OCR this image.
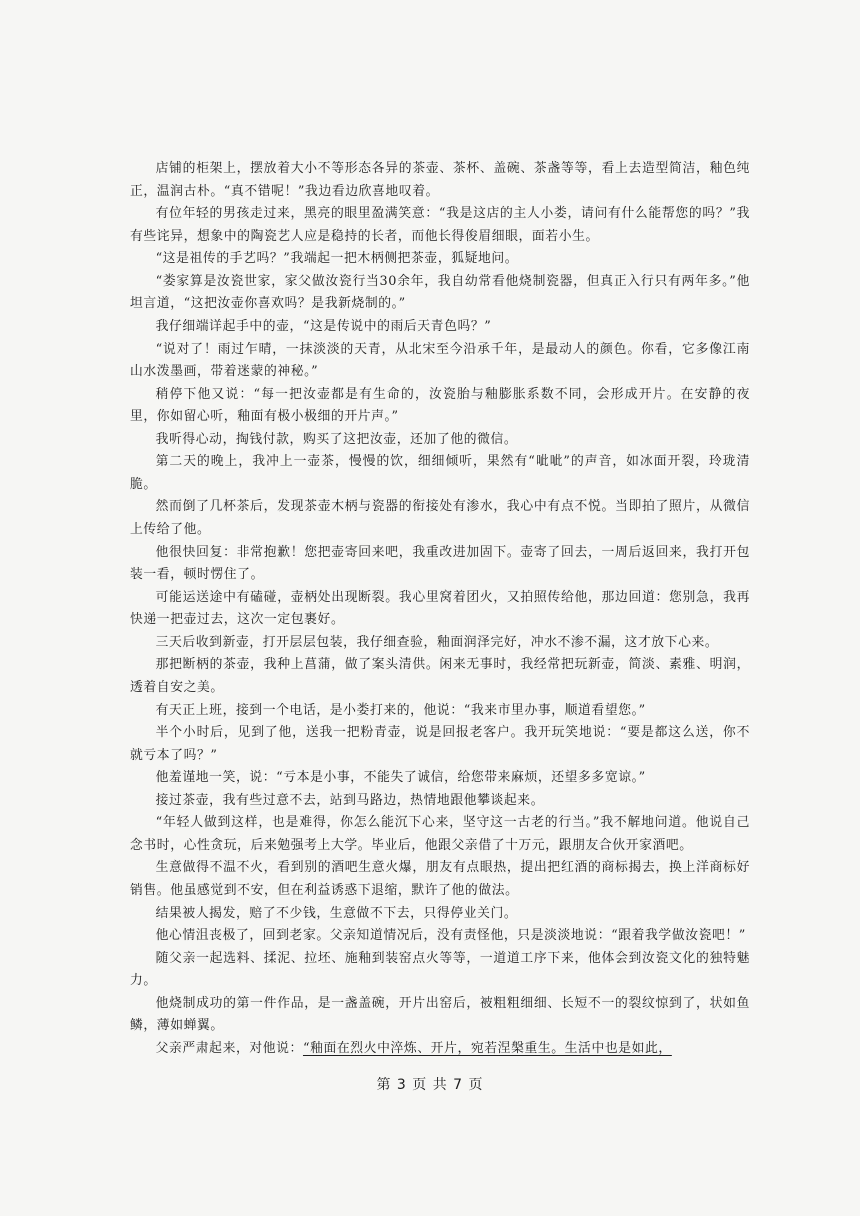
店铺的柜架上，摆放着大小不等形态各异的茶壶、茶杯、盖碗、茶盏等等，看上去造型简洁，釉色纯正，温润古朴。“真不错呢！”我边看边欣喜地叹着。

有位年轻的男孩走过来，黑亮的眼里盈满笑意：“我是这店的主人小娄，请问有什么能帮您的吗？”我有些诧异，想象中的陶瓷艺人应是稳持的长者，而他长得俊眉细眼，面若小生。

“这是祖传的手艺吗？”我端起一把木柄侧把茶壶，狐疑地问。

“娄家算是汝瓷世家，家父做汝瓷行当30余年，我自幼常看他烧制瓷器，但真正入行只有两年多。”他坦言道，“这把汝壶你喜欢吗？是我新烧制的。”

我仔细端详起手中的壶，“这是传说中的雨后天青色吗？”

“说对了！雨过乍晴，一抹淡淡的天青，从北宋至今沿承千年，是最动人的颜色。你看，它多像江南山水泼墨画，带着迷蒙的神秘。”

稍停下他又说：“每一把汝壶都是有生命的，汝瓷胎与釉膨胀系数不同，会形成开片。在安静的夜里，你如留心听，釉面有极小极细的开片声。”

我听得心动，掏钱付款，购买了这把汝壶，还加了他的微信。

第二天的晚上，我冲上一壶茶，慢慢的饮，细细倾听，果然有“呲呲”的声音，如冰面开裂，玲珑清脆。

然而倒了几杯茶后，发现茶壶木柄与瓷器的衔接处有渗水，我心中有点不悦。当即拍了照片，从微信上传给了他。

他很快回复：非常抱歉！您把壶寄回来吧，我重改进加固下。壶寄了回去，一周后返回来，我打开包装一看，顿时愣住了。

可能运送途中有磕碰，壶柄处出现断裂。我心里窝着团火，又拍照传给他，那边回道：您别急，我再快递一把壶过去，这次一定包裹好。

三天后收到新壶，打开层层包装，我仔细查验，釉面润泽完好，冲水不渗不漏，这才放下心来。

那把断柄的茶壶，我种上菖蒲，做了案头清供。闲来无事时，我经常把玩新壶，简淡、素雅、明润，透着自安之美。

有天正上班，接到一个电话，是小娄打来的，他说：“我来市里办事，顺道看望您。”

半个小时后，见到了他，送我一把粉青壶，说是回报老客户。我开玩笑地说：“要是都这么送，你不就亏本了吗？”

他羞谨地一笑，说：“亏本是小事，不能失了诚信，给您带来麻烦，还望多多宽谅。”

接过茶壶，我有些过意不去，站到马路边，热情地跟他攀谈起来。

“年轻人做到这样，也是难得，你怎么能沉下心来，坚守这一古老的行当。”我不解地问道。他说自己念书时，心性贪玩，后来勉强考上大学。毕业后，他跟父亲借了十万元，跟朋友合伙开家酒吧。

生意做得不温不火，看到别的酒吧生意火爆，朋友有点眼热，提出把红酒的商标揭去，换上洋商标好销售。他虽感觉到不安，但在利益诱惑下退缩，默许了他的做法。

结果被人揭发，赔了不少钱，生意做不下去，只得停业关门。

他心情沮丧极了，回到老家。父亲知道情况后，没有责怪他，只是淡淡地说：“跟着我学做汝瓷吧！”

随父亲一起选料、揉泥、拉坯、施釉到装窑点火等等，一道道工序下来，他体会到汝瓷文化的独特魅力。

他烧制成功的第一件作品，是一盏盖碗，开片出窑后，被粗粗细细、长短不一的裂纹惊到了，状如鱼鳞，薄如蝉翼。

父亲严肃起来，对他说：“釉面在烈火中淬炼、开片，宛若涅槃重生。生活中也是如此，

第 3 页 共 7 页
